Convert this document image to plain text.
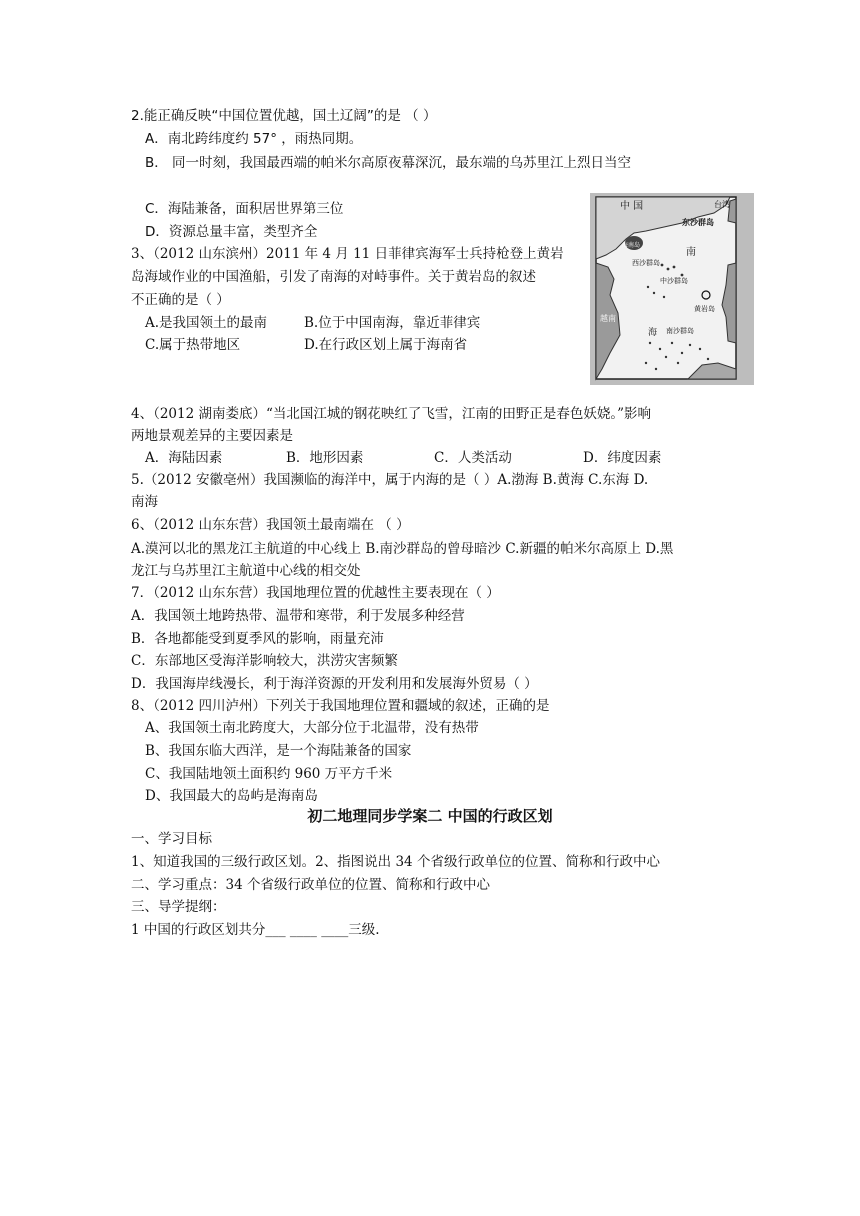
2.能正确反映“中国位置优越，国土辽阔”的是 （ ）
A．南北跨纬度约 57° ，雨热同期。
B． 同一时刻，我国最西端的帕米尔高原夜幕深沉，最东端的乌苏里江上烈日当空
C．海陆兼备，面积居世界第三位
D．资源总量丰富，类型齐全
3、（2012 山东滨州）2011 年 4 月 11 日菲律宾海军士兵持枪登上黄岩
岛海域作业的中国渔船，引发了南海的对峙事件。关于黄岩岛的叙述
不正确的是（ ）
A.是我国领土的最南	B.位于中国南海，靠近菲律宾
C.属于热带地区	D.在行政区划上属于海南省
中 国	台湾
东沙群岛
海南岛
西沙群岛
南
中沙群岛
黄岩岛
越南
海 南沙群岛
4、（2012 湖南娄底）“当北国江城的钢花映红了飞雪，江南的田野正是春色妖娆。”影响
两地景观差异的主要因素是
A．海陆因素	B．地形因素	C．人类活动	D．纬度因素
5.（2012 安徽亳州）我国濒临的海洋中，属于内海的是（ ）A.渤海 B.黄海 C.东海 D.
南海
6、（2012 山东东营）我国领土最南端在 （ ）
A.漠河以北的黑龙江主航道的中心线上 B.南沙群岛的曾母暗沙 C.新疆的帕米尔高原上 D.黑
龙江与乌苏里江主航道中心线的相交处
7．（2012 山东东营）我国地理位置的优越性主要表现在（ ）
A．我国领土地跨热带、温带和寒带，利于发展多种经营
B．各地都能受到夏季风的影响，雨量充沛
C．东部地区受海洋影响较大，洪涝灾害频繁
D．我国海岸线漫长，利于海洋资源的开发利用和发展海外贸易（ ）
8、（2012 四川泸州）下列关于我国地理位置和疆域的叙述，正确的是
A、我国领土南北跨度大，大部分位于北温带，没有热带
B、我国东临大西洋，是一个海陆兼备的国家
C、我国陆地领土面积约 960 万平方千米
D、我国最大的岛屿是海南岛
初二地理同步学案二 中国的行政区划
一、学习目标
1、知道我国的三级行政区划。2、指图说出 34 个省级行政单位的位置、简称和行政中心
二、学习重点：34 个省级行政单位的位置、简称和行政中心
三、导学提纲：
1 中国的行政区划共分___ ____ ____三级.
